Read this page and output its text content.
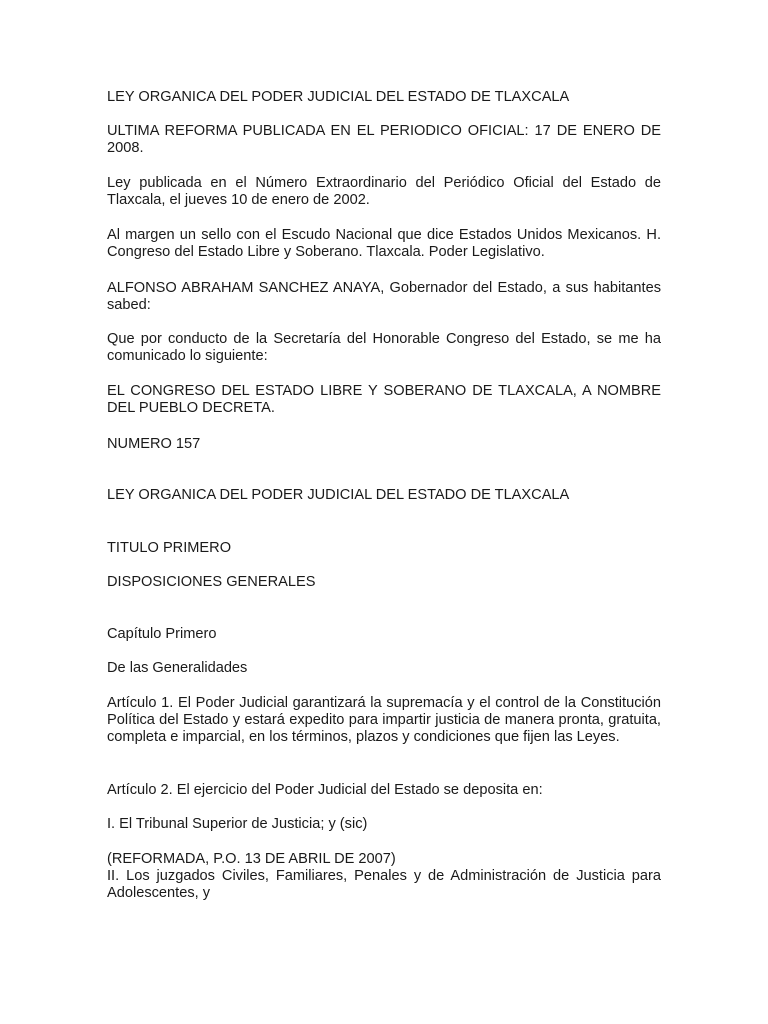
LEY ORGANICA DEL PODER JUDICIAL DEL ESTADO DE TLAXCALA

ULTIMA REFORMA PUBLICADA EN EL PERIODICO OFICIAL: 17 DE ENERO DE 2008.

Ley publicada en el Número Extraordinario del Periódico Oficial del Estado de Tlaxcala, el jueves 10 de enero de 2002.

Al margen un sello con el Escudo Nacional que dice Estados Unidos Mexicanos. H. Congreso del Estado Libre y Soberano. Tlaxcala. Poder Legislativo.

ALFONSO ABRAHAM SANCHEZ ANAYA, Gobernador del Estado, a sus habitantes sabed:

Que por conducto de la Secretaría del Honorable Congreso del Estado, se me ha comunicado lo siguiente:

EL CONGRESO DEL ESTADO LIBRE Y SOBERANO DE TLAXCALA, A NOMBRE DEL PUEBLO DECRETA.

NUMERO 157

LEY ORGANICA DEL PODER JUDICIAL DEL ESTADO DE TLAXCALA

TITULO PRIMERO

DISPOSICIONES GENERALES

Capítulo Primero

De las Generalidades

Artículo 1. El Poder Judicial garantizará la supremacía y el control de la Constitución Política del Estado y estará expedito para impartir justicia de manera pronta, gratuita, completa e imparcial, en los términos, plazos y condiciones que fijen las Leyes.

Artículo 2. El ejercicio del Poder Judicial del Estado se deposita en:

I. El Tribunal Superior de Justicia; y (sic)

(REFORMADA, P.O. 13 DE ABRIL DE 2007)

II. Los juzgados Civiles, Familiares, Penales y de Administración de Justicia para Adolescentes, y
